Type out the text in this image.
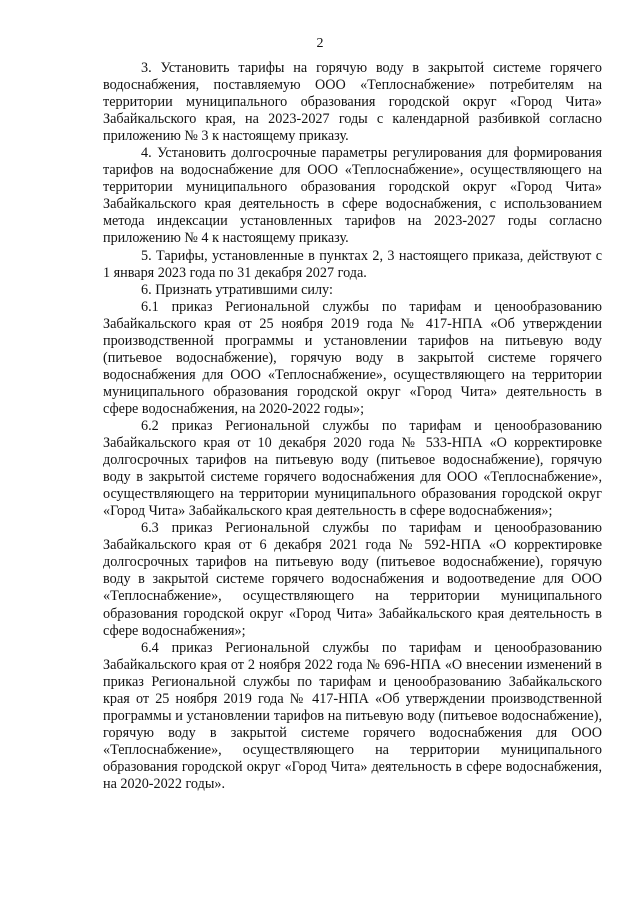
2

3. Установить тарифы на горячую воду в закрытой системе горячего водоснабжения, поставляемую ООО «Теплоснабжение» потребителям на территории муниципального образования городской округ «Город Чита» Забайкальского края, на 2023-2027 годы с календарной разбивкой согласно приложению № 3 к настоящему приказу.

4. Установить долгосрочные параметры регулирования для формирования тарифов на водоснабжение для ООО «Теплоснабжение», осуществляющего на территории муниципального образования городской округ «Город Чита» Забайкальского края деятельность в сфере водоснабжения, с использованием метода индексации установленных тарифов на 2023-2027 годы согласно приложению № 4 к настоящему приказу.

5. Тарифы, установленные в пунктах 2, 3 настоящего приказа, действуют с 1 января 2023 года по 31 декабря 2027 года.

6. Признать утратившими силу:

6.1 приказ Региональной службы по тарифам и ценообразованию Забайкальского края от 25 ноября 2019 года № 417-НПА «Об утверждении производственной программы и установлении тарифов на питьевую воду (питьевое водоснабжение), горячую воду в закрытой системе горячего водоснабжения для ООО «Теплоснабжение», осуществляющего на территории муниципального образования городской округ «Город Чита» деятельность в сфере водоснабжения, на 2020-2022 годы»;

6.2 приказ Региональной службы по тарифам и ценообразованию Забайкальского края от 10 декабря 2020 года № 533-НПА «О корректировке долгосрочных тарифов на питьевую воду (питьевое водоснабжение), горячую воду в закрытой системе горячего водоснабжения для ООО «Теплоснабжение», осуществляющего на территории муниципального образования городской округ «Город Чита» Забайкальского края деятельность в сфере водоснабжения»;

6.3 приказ Региональной службы по тарифам и ценообразованию Забайкальского края от 6 декабря 2021 года № 592-НПА «О корректировке долгосрочных тарифов на питьевую воду (питьевое водоснабжение), горячую воду в закрытой системе горячего водоснабжения и водоотведение для ООО «Теплоснабжение», осуществляющего на территории муниципального образования городской округ «Город Чита» Забайкальского края деятельность в сфере водоснабжения»;

6.4 приказ Региональной службы по тарифам и ценообразованию Забайкальского края от 2 ноября 2022 года № 696-НПА «О внесении изменений в приказ Региональной службы по тарифам и ценообразованию Забайкальского края от 25 ноября 2019 года № 417-НПА «Об утверждении производственной программы и установлении тарифов на питьевую воду (питьевое водоснабжение), горячую воду в закрытой системе горячего водоснабжения для ООО «Теплоснабжение», осуществляющего на территории муниципального образования городской округ «Город Чита» деятельность в сфере водоснабжения, на 2020-2022 годы».
